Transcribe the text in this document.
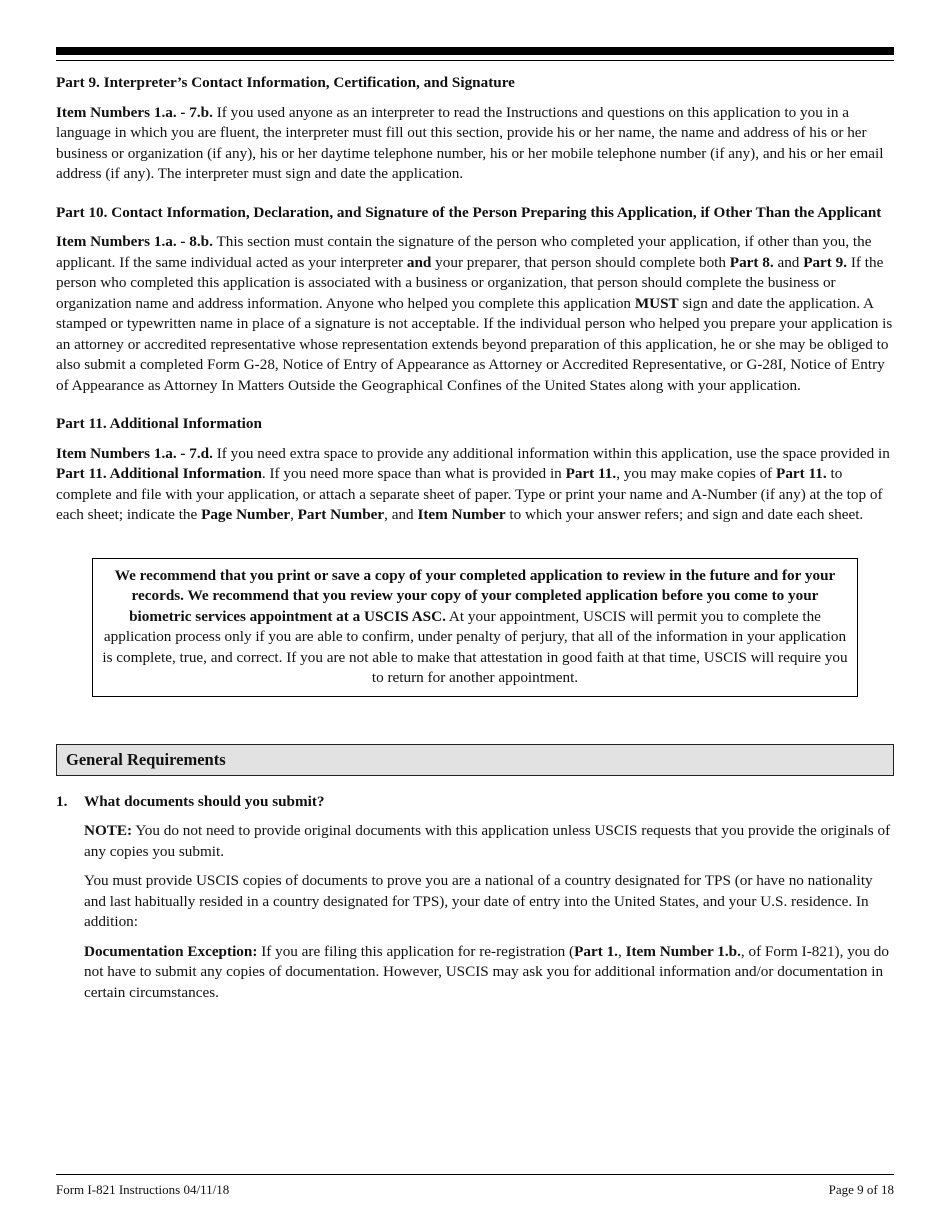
Part 9. Interpreter’s Contact Information, Certification, and Signature

Item Numbers 1.a. - 7.b. If you used anyone as an interpreter to read the Instructions and questions on this application to you in a language in which you are fluent, the interpreter must fill out this section, provide his or her name, the name and address of his or her business or organization (if any), his or her daytime telephone number, his or her mobile telephone number (if any), and his or her email address (if any). The interpreter must sign and date the application.

Part 10. Contact Information, Declaration, and Signature of the Person Preparing this Application, if Other Than the Applicant

Item Numbers 1.a. - 8.b. This section must contain the signature of the person who completed your application, if other than you, the applicant. If the same individual acted as your interpreter and your preparer, that person should complete both Part 8. and Part 9. If the person who completed this application is associated with a business or organization, that person should complete the business or organization name and address information. Anyone who helped you complete this application MUST sign and date the application. A stamped or typewritten name in place of a signature is not acceptable. If the individual person who helped you prepare your application is an attorney or accredited representative whose representation extends beyond preparation of this application, he or she may be obliged to also submit a completed Form G-28, Notice of Entry of Appearance as Attorney or Accredited Representative, or G-28I, Notice of Entry of Appearance as Attorney In Matters Outside the Geographical Confines of the United States along with your application.

Part 11. Additional Information

Item Numbers 1.a. - 7.d. If you need extra space to provide any additional information within this application, use the space provided in Part 11. Additional Information. If you need more space than what is provided in Part 11., you may make copies of Part 11. to complete and file with your application, or attach a separate sheet of paper. Type or print your name and A-Number (if any) at the top of each sheet; indicate the Page Number, Part Number, and Item Number to which your answer refers; and sign and date each sheet.

We recommend that you print or save a copy of your completed application to review in the future and for your records. We recommend that you review your copy of your completed application before you come to your biometric services appointment at a USCIS ASC. At your appointment, USCIS will permit you to complete the application process only if you are able to confirm, under penalty of perjury, that all of the information in your application is complete, true, and correct. If you are not able to make that attestation in good faith at that time, USCIS will require you to return for another appointment.
General Requirements
1.	What documents should you submit?

NOTE: You do not need to provide original documents with this application unless USCIS requests that you provide the originals of any copies you submit.

You must provide USCIS copies of documents to prove you are a national of a country designated for TPS (or have no nationality and last habitually resided in a country designated for TPS), your date of entry into the United States, and your U.S. residence. In addition:

Documentation Exception: If you are filing this application for re-registration (Part 1., Item Number 1.b., of Form I-821), you do not have to submit any copies of documentation. However, USCIS may ask you for additional information and/or documentation in certain circumstances.

Form I-821 Instructions 04/11/18	Page 9 of 18
